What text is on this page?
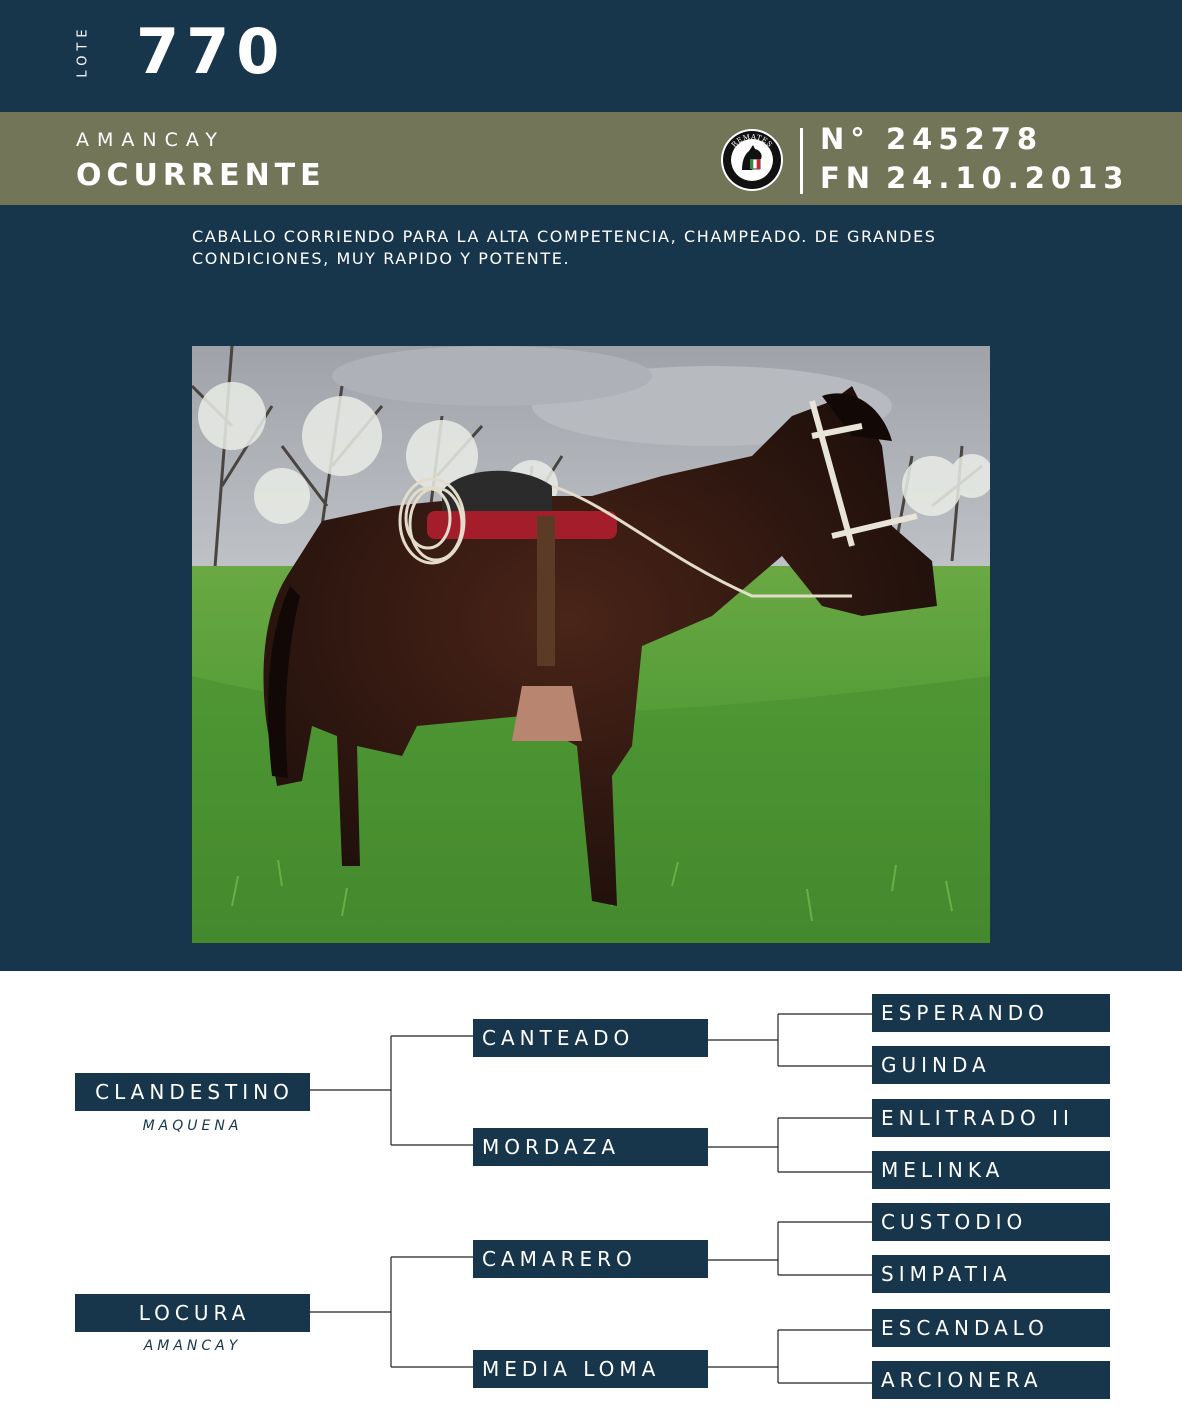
LOTE 770
AMANCAY
OCURRENTE
REMATES
ZAÑARTU Y CIA.
N° 245278
FN 24.10.2013

CABALLO CORRIENDO PARA LA ALTA COMPETENCIA, CHAMPEADO. DE GRANDES CONDICIONES, MUY RAPIDO Y POTENTE.

CLANDESTINO
MAQUENA
LOCURA
AMANCAY
CANTEADO
MORDAZA
CAMARERO
MEDIA LOMA
ESPERANDO
GUINDA
ENLITRADO II
MELINKA
CUSTODIO
SIMPATIA
ESCANDALO
ARCIONERA
